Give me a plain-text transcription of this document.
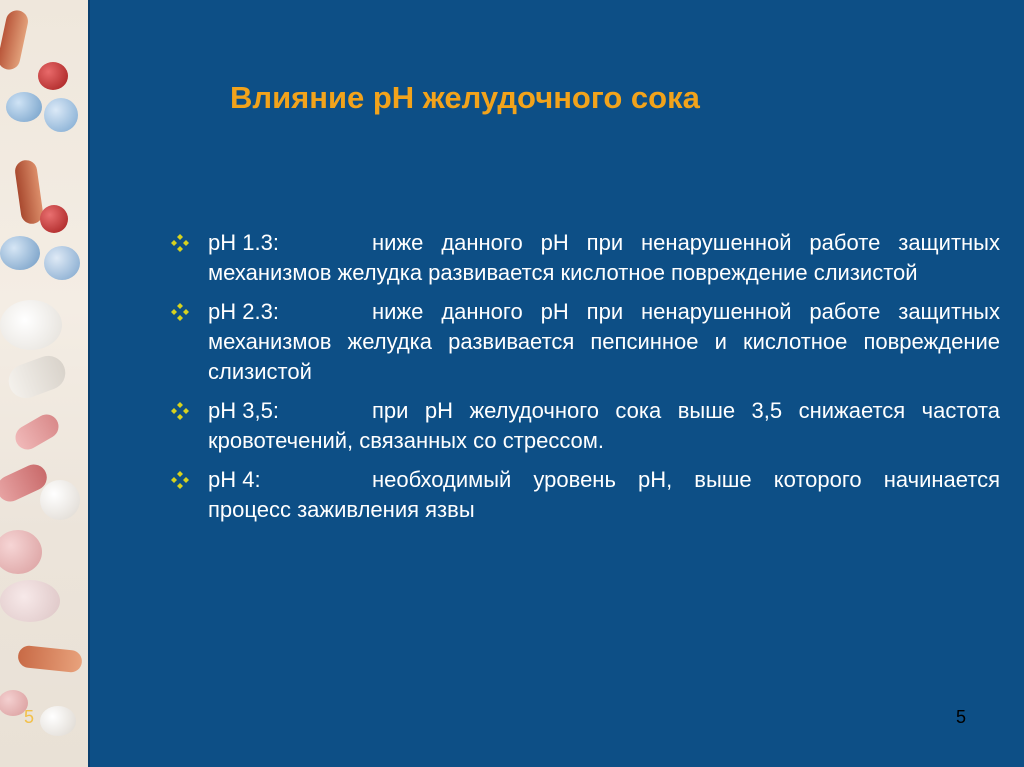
5
Влияние рН желудочного сока
рН 1.3:	ниже данного рН при ненарушенной работе защитных механизмов желудка развивается кислотное повреждение слизистой
рН 2.3:	ниже данного рН при ненарушенной работе защитных механизмов желудка развивается пепсинное и кислотное повреждение слизистой
рН 3,5:	при рН желудочного сока выше 3,5 снижается частота кровотечений, связанных со стрессом.
рН 4:	необходимый уровень рН, выше которого начинается процесс заживления язвы
5
